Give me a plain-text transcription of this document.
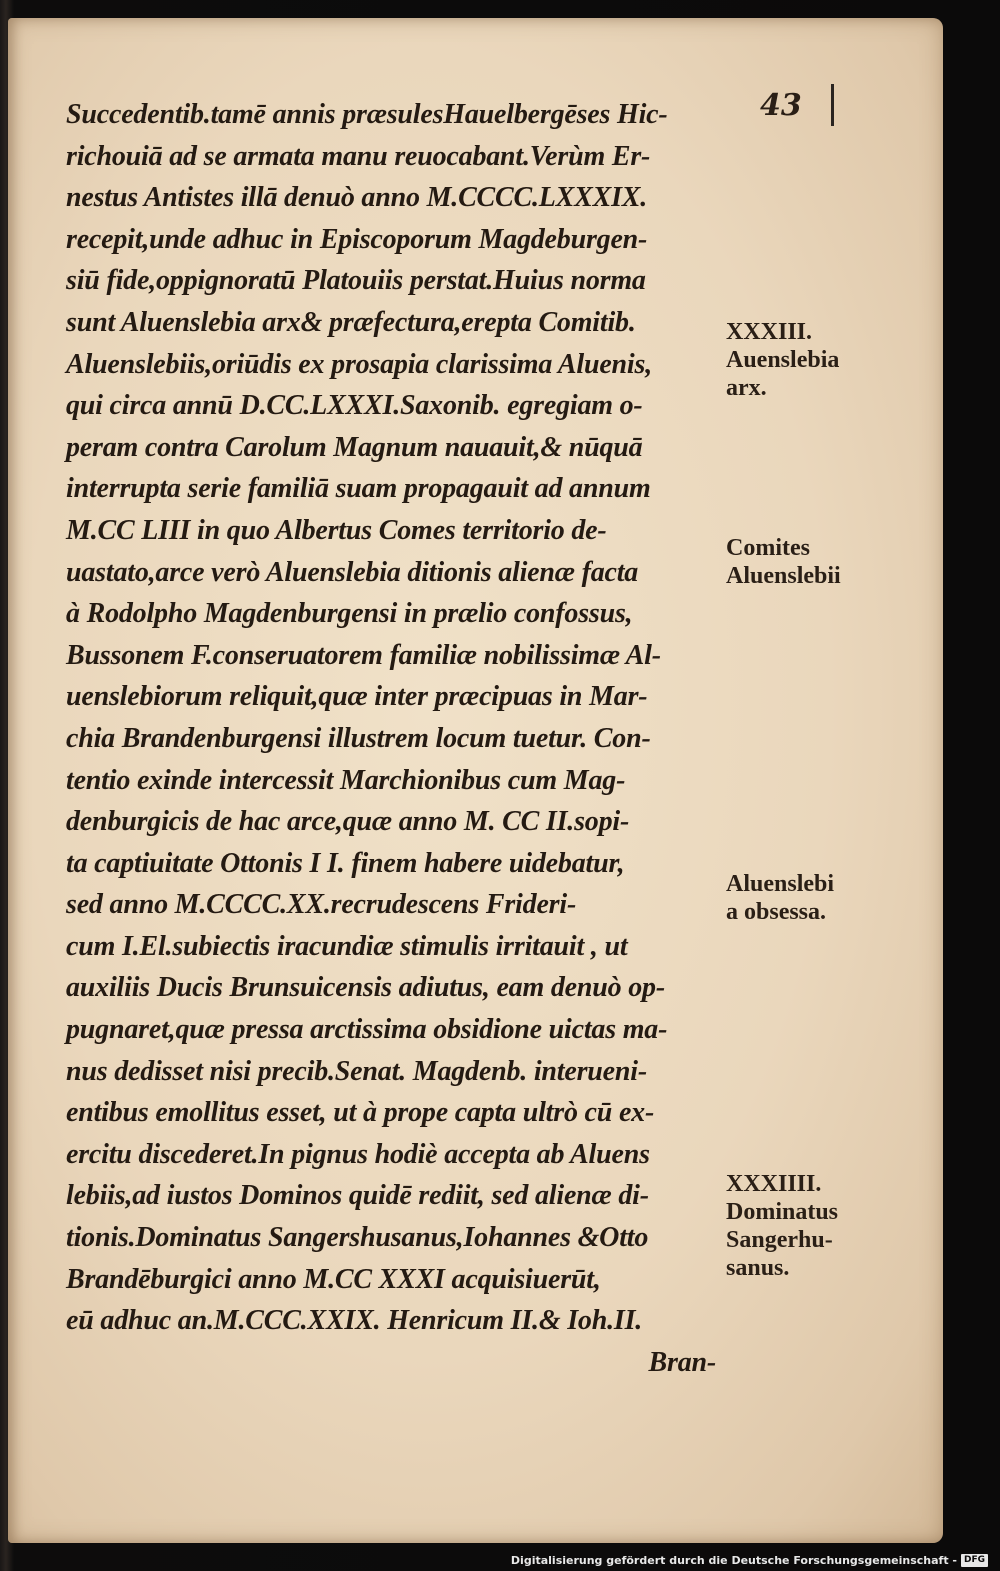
43
Succedentib.tamē annis præsulesHauelbergēses Hic-
richouiā ad se armata manu reuocabant.Verùm Er-
nestus Antistes illā denuò anno M.CCCC.LXXXIX.
recepit,unde adhuc in Episcoporum Magdeburgen-
siū fide,oppignoratū Platouiis perstat.Huius norma
sunt Aluenslebia arx& præfectura,erepta Comitib.
Aluenslebiis,oriūdis ex prosapia clarissima Aluenis,
qui circa annū D.CC.LXXXI.Saxonib. egregiam o-
peram contra Carolum Magnum nauauit,& nūquā
interrupta serie familiā suam propagauit ad annum
M.CC LIII in quo Albertus Comes territorio de-
uastato,arce verò Aluenslebia ditionis alienæ facta
à Rodolpho Magdenburgensi in prælio confossus,
Bussonem F.conseruatorem familiæ nobilissimæ Al-
uenslebiorum reliquit,quæ inter præcipuas in Mar-
chia Brandenburgensi illustrem locum tuetur. Con-
tentio exinde intercessit Marchionibus cum Mag-
denburgicis de hac arce,quæ anno M. CC II.sopi-
ta captiuitate Ottonis I I. finem habere uidebatur,
sed anno M.CCCC.XX.recrudescens Frideri-
cum I.El.subiectis iracundiæ stimulis irritauit , ut
auxiliis Ducis Brunsuicensis adiutus, eam denuò op-
pugnaret,quæ pressa arctissima obsidione uictas ma-
nus dedisset nisi precib.Senat. Magdenb. interueni-
entibus emollitus esset, ut à prope capta ultrò cū ex-
ercitu discederet.In pignus hodiè accepta ab Aluens
lebiis,ad iustos Dominos quidē rediit, sed alienæ di-
tionis.Dominatus Sangershusanus,Iohannes &Otto
Brandēburgici anno M.CC XXXI acquisiuerūt,
eū adhuc an.M.CCC.XXIX. Henricum II.& Ioh.II.
Bran-
XXXIII.
Auenslebia
arx.
Comites
Aluenslebii
Aluenslebi
a obsessa.
XXXIIII.
Dominatus
Sangerhu-
sanus.
Digitalisierung gefördert durch die Deutsche Forschungsgemeinschaft - DFG
